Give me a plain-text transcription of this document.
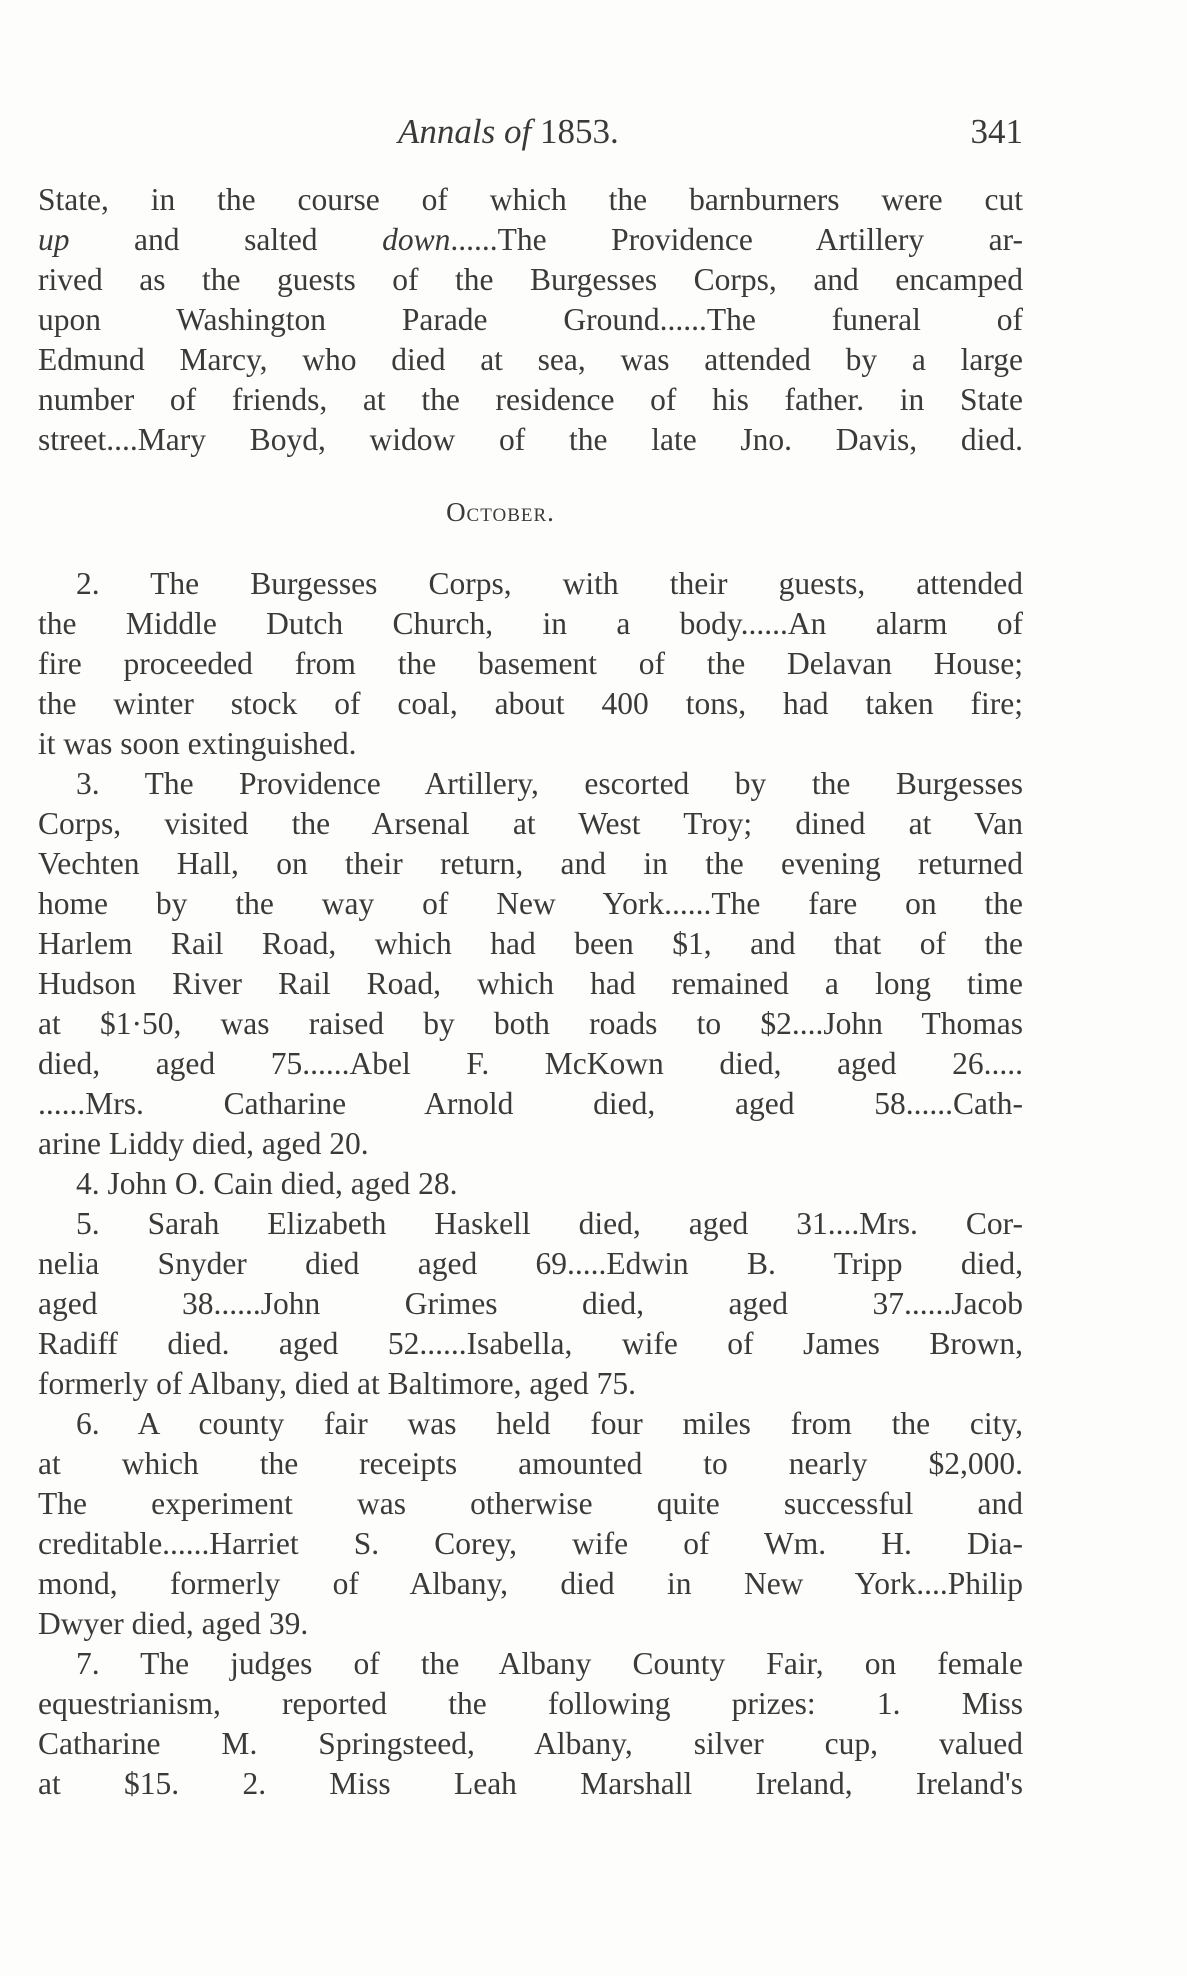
Annals of 1853.	341
State, in the course of which the barnburners were cut
up and salted down......The Providence Artillery ar-
rived as the guests of the Burgesses Corps, and encamped
upon Washington Parade Ground......The funeral of
Edmund Marcy, who died at sea, was attended by a large
number of friends, at the residence of his father. in State
street....Mary Boyd, widow of the late Jno. Davis, died.
October.
2. The Burgesses Corps, with their guests, attended
the Middle Dutch Church, in a body......An alarm of
fire proceeded from the basement of the Delavan House;
the winter stock of coal, about 400 tons, had taken fire;
it was soon extinguished.
3. The Providence Artillery, escorted by the Burgesses
Corps, visited the Arsenal at West Troy; dined at Van
Vechten Hall, on their return, and in the evening returned
home by the way of New York......The fare on the
Harlem Rail Road, which had been $1, and that of the
Hudson River Rail Road, which had remained a long time
at $1·50, was raised by both roads to $2....John Thomas
died, aged 75......Abel F. McKown died, aged 26.....
......Mrs. Catharine Arnold died, aged 58......Cath-
arine Liddy died, aged 20.
4. John O. Cain died, aged 28.
5. Sarah Elizabeth Haskell died, aged 31....Mrs. Cor-
nelia Snyder died aged 69.....Edwin B. Tripp died,
aged 38......John Grimes died, aged 37......Jacob
Radiff died. aged 52......Isabella, wife of James Brown,
formerly of Albany, died at Baltimore, aged 75.
6. A county fair was held four miles from the city,
at which the receipts amounted to nearly $2,000.
The experiment was otherwise quite successful and
creditable......Harriet S. Corey, wife of Wm. H. Dia-
mond, formerly of Albany, died in New York....Philip
Dwyer died, aged 39.
7. The judges of the Albany County Fair, on female
equestrianism, reported the following prizes: 1. Miss
Catharine M. Springsteed, Albany, silver cup, valued
at $15. 2. Miss Leah Marshall Ireland, Ireland's
